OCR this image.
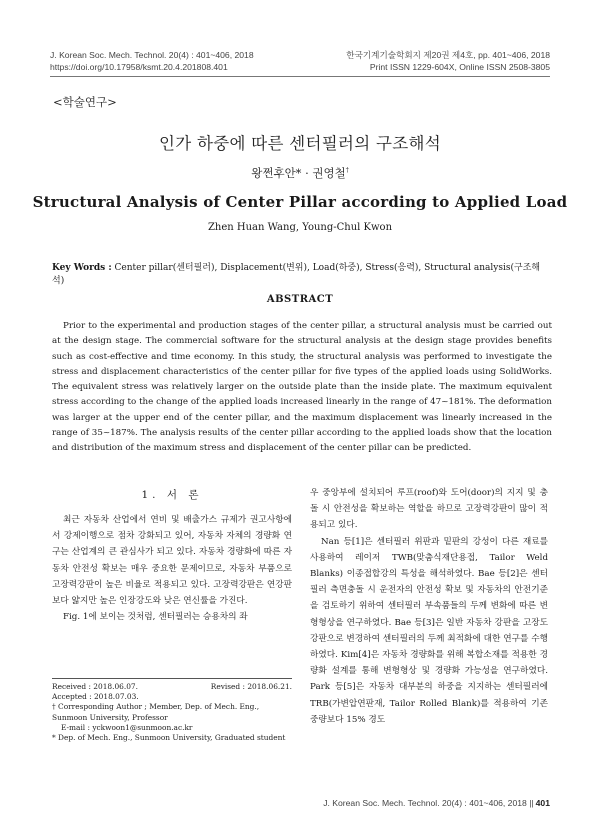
J. Korean Soc. Mech. Technol. 20(4) : 401~406, 2018
https://doi.org/10.17958/ksmt.20.4.201808.401
한국기계기술학회지 제20권 제4호, pp. 401~406, 2018
Print ISSN 1229-604X, Online ISSN 2508-3805
<학술연구>
인가 하중에 따른 센터필러의 구조해석
왕쩐후안* · 권영철†
Structural Analysis of Center Pillar according to Applied Load
Zhen Huan Wang, Young-Chul Kwon
Key Words : Center pillar(센터필러), Displacement(변위), Load(하중), Stress(응력), Structural analysis(구조해석)
ABSTRACT
Prior to the experimental and production stages of the center pillar, a structural analysis must be carried out at the design stage. The commercial software for the structural analysis at the design stage provides benefits such as cost-effective and time economy. In this study, the structural analysis was performed to investigate the stress and displacement characteristics of the center pillar for five types of the applied loads using SolidWorks. The equivalent stress was relatively larger on the outside plate than the inside plate. The maximum equivalent stress according to the change of the applied loads increased linearly in the range of 47~181%. The deformation was larger at the upper end of the center pillar, and the maximum displacement was linearly increased in the range of 35~187%. The analysis results of the center pillar according to the applied loads show that the location and distribution of the maximum stress and displacement of the center pillar can be predicted.
1. 서 론

최근 자동차 산업에서 연비 및 배출가스 규제가 권고사항에서 강제이행으로 점차 강화되고 있어, 자동차 자체의 경량화 연구는 산업계의 큰 관심사가 되고 있다. 자동차 경량화에 따른 자동차 안전성 확보는 매우 중요한 문제이므로, 자동차 부품으로 고장력강판이 높은 비율로 적용되고 있다. 고장력강판은 연강판보다 얇지만 높은 인장강도와 낮은 연신률을 가진다.

Fig. 1에 보이는 것처럼, 센터필러는 승용차의 좌

우 중앙부에 설치되어 루프(roof)와 도어(door)의 지지 및 충돌 시 안전성을 확보하는 역할을 하므로 고장력강판이 많이 적용되고 있다.

Nan 등[1]은 센터필러 위판과 밑판의 강성이 다른 재료를 사용하여 레이저 TWB(맞춤식재단용접, Tailor Weld Blanks) 이종접합강의 특성을 해석하였다. Bae 등[2]은 센터필러 측면충돌 시 운전자의 안전성 확보 및 자동차의 안전기준을 검토하기 위하여 센터필러 부속품들의 두께 변화에 따른 변형형상을 연구하였다. Bae 등[3]은 일반 자동차 강판을 고장도강판으로 변경하여 센터필러의 두께 최적화에 대한 연구를 수행하였다. Kim[4]은 자동차 경량화를 위해 복합소재를 적용한 경량화 설계를 통해 변형형상 및 경량화 가능성을 연구하였다. Park 등[5]은 자동차 대부분의 하중을 지지하는 센터필러에 TRB(가변압연판재, Tailor Rolled Blank)를 적용하여 기존 중량보다 15% 경도

Received : 2018.06.07.	Revised : 2018.06.21.
Accepted : 2018.07.03.
† Corresponding Author ; Member, Dep. of Mech. Eng., Sunmoon University, Professor
E-mail : yckwoon1@sunmoon.ac.kr
* Dep. of Mech. Eng., Sunmoon University, Graduated student
J. Korean Soc. Mech. Technol. 20(4) : 401~406, 2018 || 401
